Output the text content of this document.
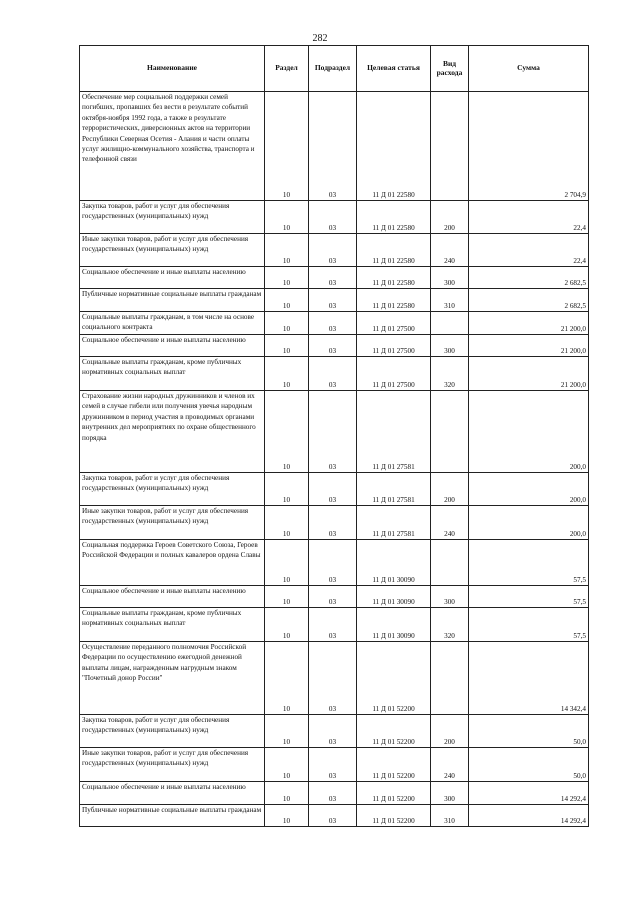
282
Наименование	Раздел	Подраздел	Целевая статья	Вид расхода	Сумма
Обеспечение мер социальной поддержки семей погибших, пропавших без вести в результате событий октября-ноября 1992 года, а также в результате террористических, диверсионных актов на территории Республики Северная Осетия - Алания и части оплаты услуг жилищно-коммунального хозяйства, транспорта и телефонной связи	10	03	11 Д 01 22580		2 704,9
Закупка товаров, работ и услуг для обеспечения государственных (муниципальных) нужд	10	03	11 Д 01 22580	200	22,4
Иные закупки товаров, работ и услуг для обеспечения государственных (муниципальных) нужд	10	03	11 Д 01 22580	240	22,4
Социальное обеспечение и иные выплаты населению	10	03	11 Д 01 22580	300	2 682,5
Публичные нормативные социальные выплаты гражданам	10	03	11 Д 01 22580	310	2 682,5
Социальные выплаты гражданам, в том числе на основе социального контракта	10	03	11 Д 01 27500		21 200,0
Социальное обеспечение и иные выплаты населению	10	03	11 Д 01 27500	300	21 200,0
Социальные выплаты гражданам, кроме публичных нормативных социальных выплат	10	03	11 Д 01 27500	320	21 200,0
Страхование жизни народных дружинников и членов их семей в случае гибели или получения увечья народным дружинником в период участия в проводимых органами внутренних дел мероприятиях по охране общественного порядка	10	03	11 Д 01 27581		200,0
Закупка товаров, работ и услуг для обеспечения государственных (муниципальных) нужд	10	03	11 Д 01 27581	200	200,0
Иные закупки товаров, работ и услуг для обеспечения государственных (муниципальных) нужд	10	03	11 Д 01 27581	240	200,0
Социальная поддержка Героев Советского Союза, Героев Российской Федерации и полных кавалеров ордена Славы	10	03	11 Д 01 30090		57,5
Социальное обеспечение и иные выплаты населению	10	03	11 Д 01 30090	300	57,5
Социальные выплаты гражданам, кроме публичных нормативных социальных выплат	10	03	11 Д 01 30090	320	57,5
Осуществление переданного полномочия Российской Федерации по осуществлению ежегодной денежной выплаты лицам, награжденным нагрудным знаком "Почетный донор России"	10	03	11 Д 01 52200		14 342,4
Закупка товаров, работ и услуг для обеспечения государственных (муниципальных) нужд	10	03	11 Д 01 52200	200	50,0
Иные закупки товаров, работ и услуг для обеспечения государственных (муниципальных) нужд	10	03	11 Д 01 52200	240	50,0
Социальное обеспечение и иные выплаты населению	10	03	11 Д 01 52200	300	14 292,4
Публичные нормативные социальные выплаты гражданам	10	03	11 Д 01 52200	310	14 292,4
